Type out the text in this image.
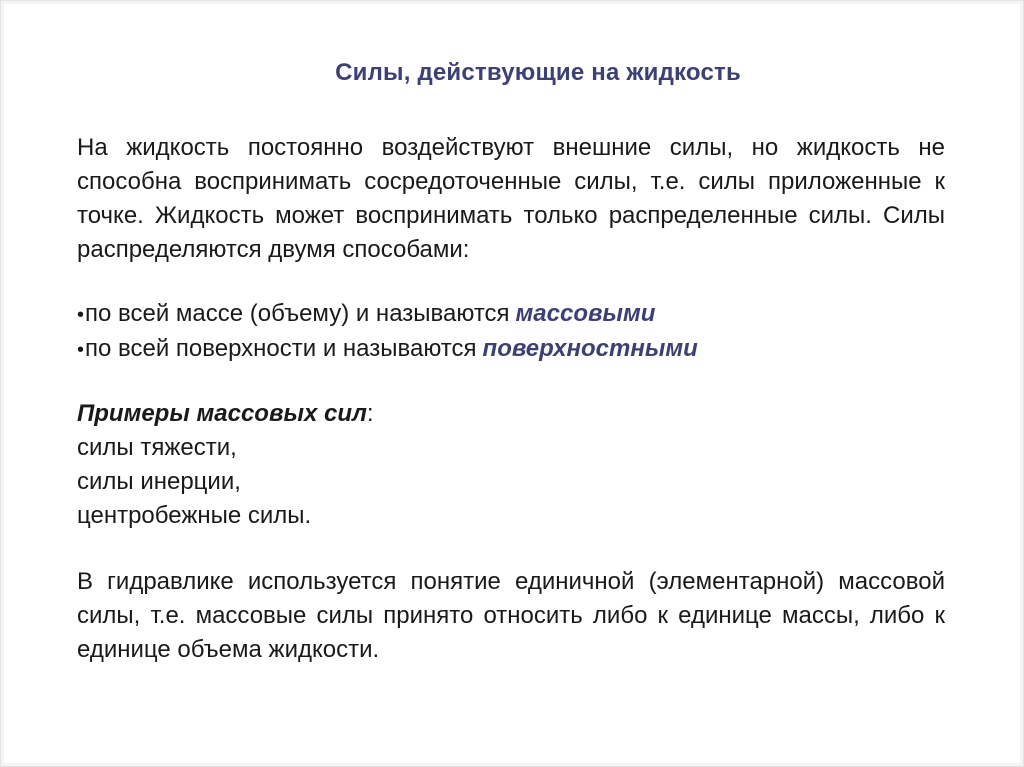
Силы, действующие на жидкость

На жидкость постоянно воздействуют внешние силы, но жидкость не способна воспринимать сосредоточенные силы, т.е. силы приложенные к точке. Жидкость может воспринимать только распределенные силы. Силы распределяются двумя способами:

•по всей массе (объему) и называются массовыми
•по всей поверхности и называются поверхностными
Примеры массовых сил:
силы тяжести,
силы инерции,
центробежные силы.

В гидравлике используется понятие единичной (элементарной) массовой силы, т.е. массовые силы принято относить либо к единице массы, либо к единице объема жидкости.
